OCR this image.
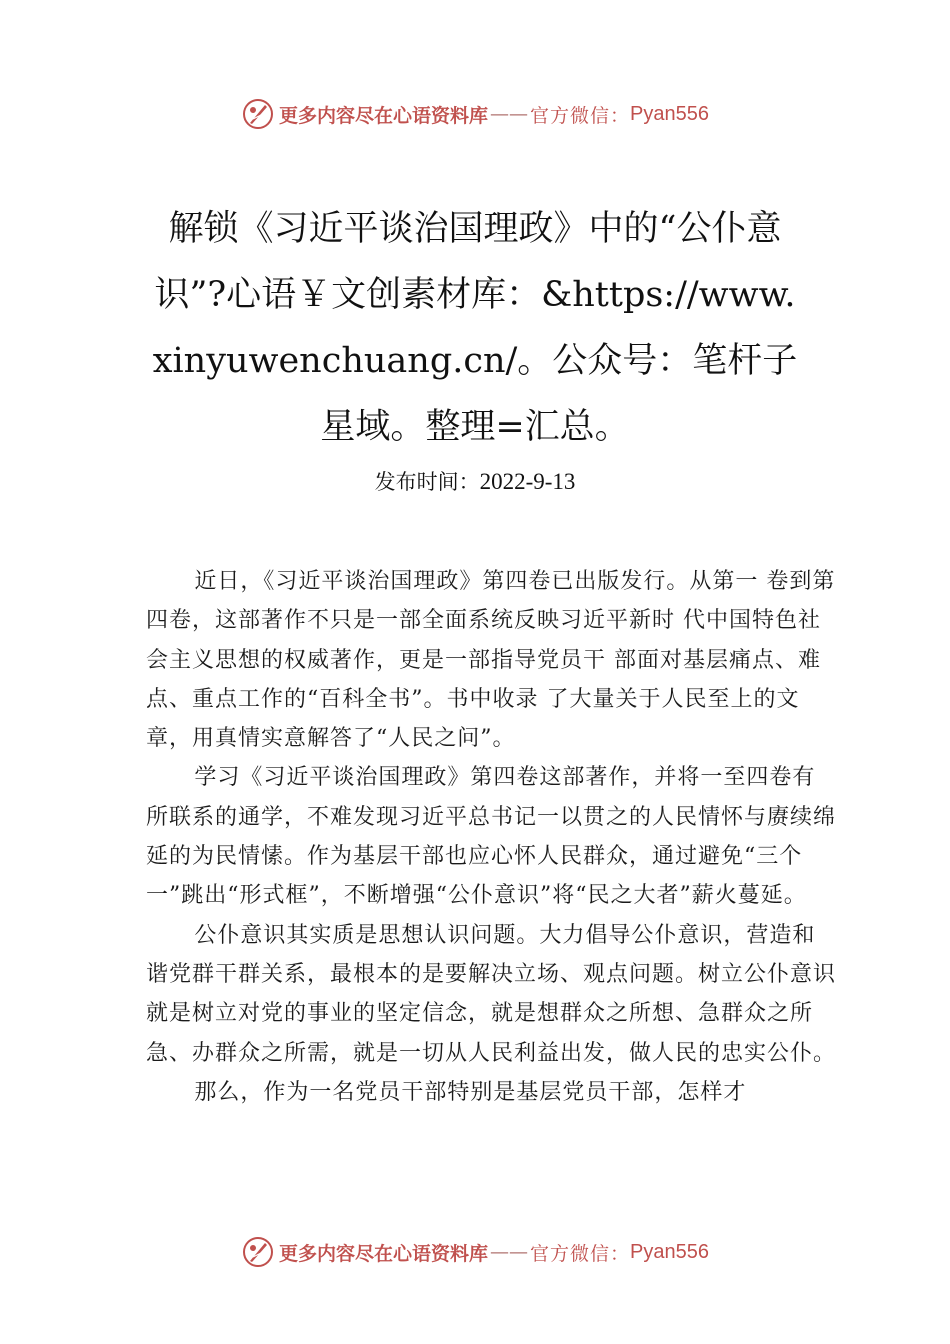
更多内容尽在心语资料库 —— 官方微信： Pyan556
解锁《习近平谈治国理政》中的“公仆意识”?心语￥文创素材库：&https://www.xinyuwenchuang.cn/。公众号：笔杆子星域。整理=汇总。
发布时间：2022-9-13

近日，《习近平谈治国理政》第四卷已出版发行。从第一 卷到第四卷，这部著作不只是一部全面系统反映习近平新时 代中国特色社会主义思想的权威著作，更是一部指导党员干 部面对基层痛点、难点、重点工作的“百科全书”。书中收录 了大量关于人民至上的文章，用真情实意解答了“人民之问”。

学习《习近平谈治国理政》第四卷这部著作，并将一至四卷有所联系的通学，不难发现习近平总书记一以贯之的人民情怀与赓续绵延的为民情愫。作为基层干部也应心怀人民群众，通过避免“三个一”跳出“形式框”，不断增强“公仆意识”将“民之大者”薪火蔓延。

公仆意识其实质是思想认识问题。大力倡导公仆意识，营造和谐党群干群关系，最根本的是要解决立场、观点问题。树立公仆意识就是树立对党的事业的坚定信念，就是想群众之所想、急群众之所急、办群众之所需，就是一切从人民利益出发，做人民的忠实公仆。

那么，作为一名党员干部特别是基层党员干部，怎样才

更多内容尽在心语资料库 —— 官方微信： Pyan556
